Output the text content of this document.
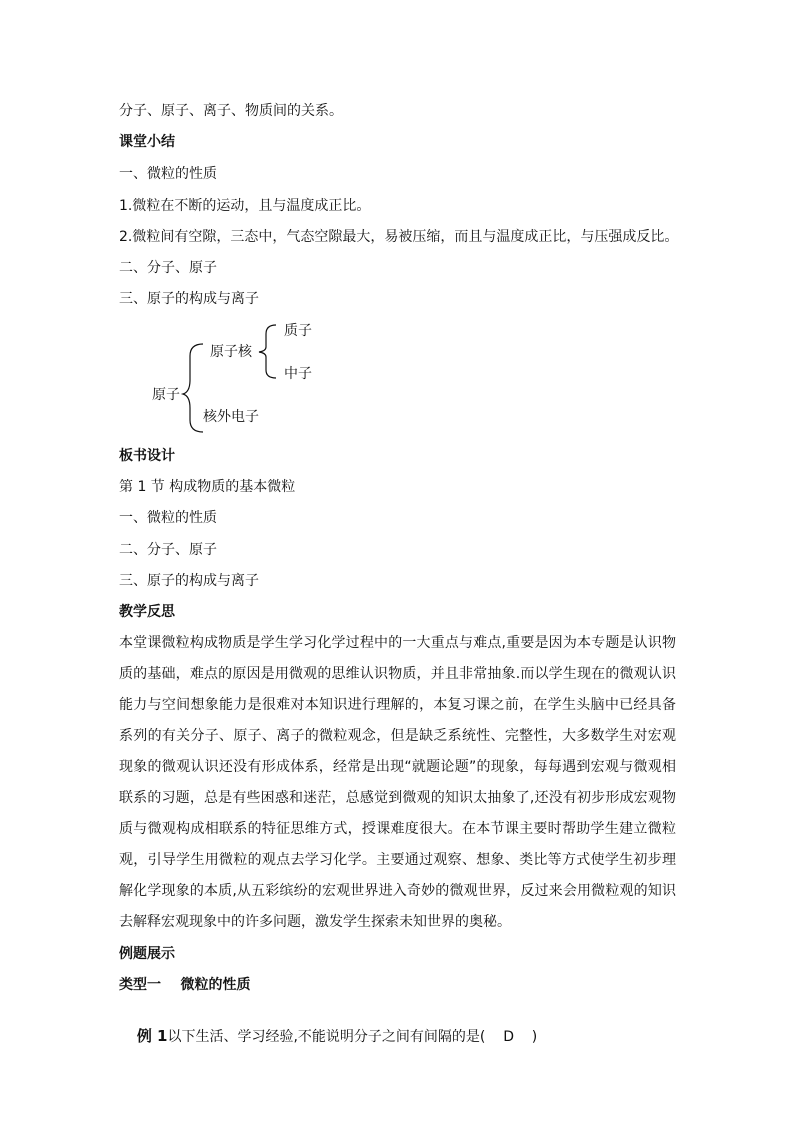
分子、原子、离子、物质间的关系。
课堂小结
一、微粒的性质
1.微粒在不断的运动，且与温度成正比。
2.微粒间有空隙，三态中，气态空隙最大，易被压缩，而且与温度成正比，与压强成反比。
二、分子、原子
三、原子的构成与离子
原子
原子核
质子
中子
核外电子
板书设计
第 1 节 构成物质的基本微粒
一、微粒的性质
二、分子、原子
三、原子的构成与离子
教学反思
本堂课微粒构成物质是学生学习化学过程中的一大重点与难点,重要是因为本专题是认识物质的基础，难点的原因是用微观的思维认识物质，并且非常抽象.而以学生现在的微观认识能力与空间想象能力是很难对本知识进行理解的，本复习课之前，在学生头脑中已经具备系列的有关分子、原子、离子的微粒观念，但是缺乏系统性、完整性，大多数学生对宏观现象的微观认识还没有形成体系，经常是出现“就题论题”的现象，每每遇到宏观与微观相联系的习题，总是有些困惑和迷茫，总感觉到微观的知识太抽象了,还没有初步形成宏观物质与微观构成相联系的特征思维方式，授课难度很大。在本节课主要时帮助学生建立微粒观，引导学生用微粒的观点去学习化学。主要通过观察、想象、类比等方式使学生初步理解化学现象的本质,从五彩缤纷的宏观世界进入奇妙的微观世界，反过来会用微粒观的知识去解释宏观现象中的许多问题，激发学生探索未知世界的奥秘。
例题展示
类型一    微粒的性质

例 1以下生活、学习经验,不能说明分子之间有间隔的是(    D    )
